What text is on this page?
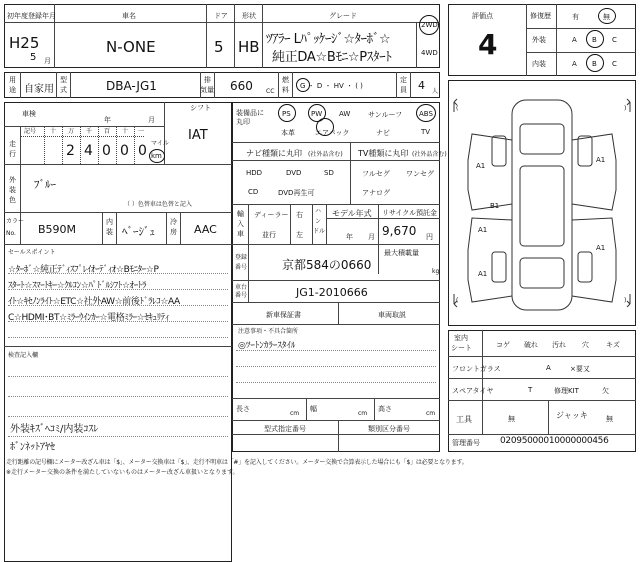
初年度登録年月	車名	ドア 形状	グレード
H25
5 月
N-ONE	5 HB ﾂｱﾗｰ Lﾊﾟｯｹｰｼﾞ☆ﾀｰﾎﾞ☆
純正DA☆Bﾓﾆ☆Pｽﾀｰﾄ
2WD
4WD
用
途 自家用
型
式	DBA-JG1	排
気量 660 CC
燃
料 G ・ D ・ HV ・ ( )
定
員 4 人
車検
年	月
シフト
IAT
走
行
記号 十 万 千 百 十 一
2 4 0 0 0 マイル
km
外
装
色
ﾌﾞﾙｰ
（ ）色替車は色替と記入
カラー
No. B590M
内
装 ﾍﾞｰｼﾞｭ
冷
房 AAC
セールスポイント
☆ﾀｰﾎﾞ☆純正ﾃﾞｨｽﾌﾟﾚｲｵｰﾃﾞｨｵ☆Bﾓﾆﾀｰ☆P
ｽﾀｰﾄ☆ｽﾏｰﾄｷｰ☆ｸﾙｺﾝ☆ﾊﾟﾄﾞﾙｼﾌﾄ☆ｵｰﾄﾗ
ｲﾄ☆ｷｾﾉﾝﾗｲﾄ☆ETC☆社外AW☆前後ﾄﾞﾗﾚｺ☆AA
C☆HDMI･BT☆ﾐﾗｰｳｲﾝｶｰ☆電格ﾐﾗｰ☆ｾｷｭﾘﾃｨ
検査記入欄
外装ｷｽﾞﾍｺﾐ/内装ｺｽﾚ
ﾎﾞﾝﾈｯﾄｱﾔｾ
装備品に
丸印
PS	PW AW	サンルーフ ABS
本革	エアバック	ナビ	TV
ナビ種類に丸印 (社外品含む) TV種類に丸印 (社外品含む)
HDD	DVD	SD
CD	DVD再生可
フルセグ ワンセグ
アナログ
輸
入
車
ディーラー
並行
右
左
ハ
ン
ドル
モデル年式
年 月
リサイクル預託金
9,670 円
最大積載量
kg
登録
番号	京都584の0660
車台
番号	JG1-2010666
新車保証書	車両取説
注意事項・不具合箇所
◎ﾂｰﾄﾝｶﾗｰｽﾀｲﾙ
長さ
cm
幅
cm
高さ
cm
型式指定番号	類別区分番号
評価点
4
修復歴	有	無
外装	A B C
内装	A B C
(	)
(	)
A1
A1
A1
A1
A1
B1
室内
シート	コゲ 破れ 汚れ 穴 キズ
フロントガラス	A	×要又
スペアタイヤ	T	修理KIT	欠
工具	無	ジャッキ	無
管理番号 02095000010000000456
走行距離の記号欄にメーター改ざん車は「$」、メーター交換車は「$」、走行不明車は「#」を記入してください。メーター交換で合算表示した場合にも「$」は必要となります。
※走行メーター交換の条件を満たしていないものはメーター改ざん車扱いとなります。
